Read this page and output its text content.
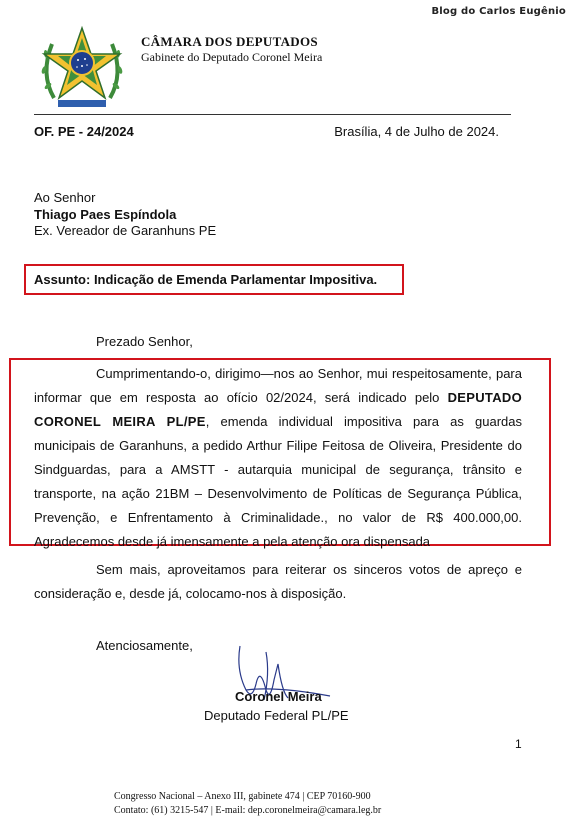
Blog do Carlos Eugênio
CÂMARA DOS DEPUTADOS
Gabinete do Deputado Coronel Meira
OF. PE - 24/2024	Brasília, 4 de Julho de 2024.
Ao Senhor
Thiago Paes Espíndola
Ex. Vereador de Garanhuns PE
Assunto: Indicação de Emenda Parlamentar Impositiva.
Prezado Senhor,

Cumprimentando-o, dirigimo—nos ao Senhor, mui respeitosamente, para informar que em resposta ao ofício 02/2024, será indicado pelo DEPUTADO CORONEL MEIRA PL/PE, emenda individual impositiva para as guardas municipais de Garanhuns, a pedido Arthur Filipe Feitosa de Oliveira, Presidente do Sindguardas, para a AMSTT - autarquia municipal de segurança, trânsito e transporte, na ação 21BM – Desenvolvimento de Políticas de Segurança Pública, Prevenção, e Enfrentamento à Criminalidade., no valor de R$ 400.000,00. Agradecemos desde já imensamente a pela atenção ora dispensada

Sem mais, aproveitamos para reiterar os sinceros votos de apreço e consideração e, desde já, colocamo-nos à disposição.

Atenciosamente,
Coronel Meira
Deputado Federal PL/PE
1
Congresso Nacional – Anexo III, gabinete 474 | CEP 70160-900
Contato: (61) 3215-547 | E-mail: dep.coronelmeira@camara.leg.br
